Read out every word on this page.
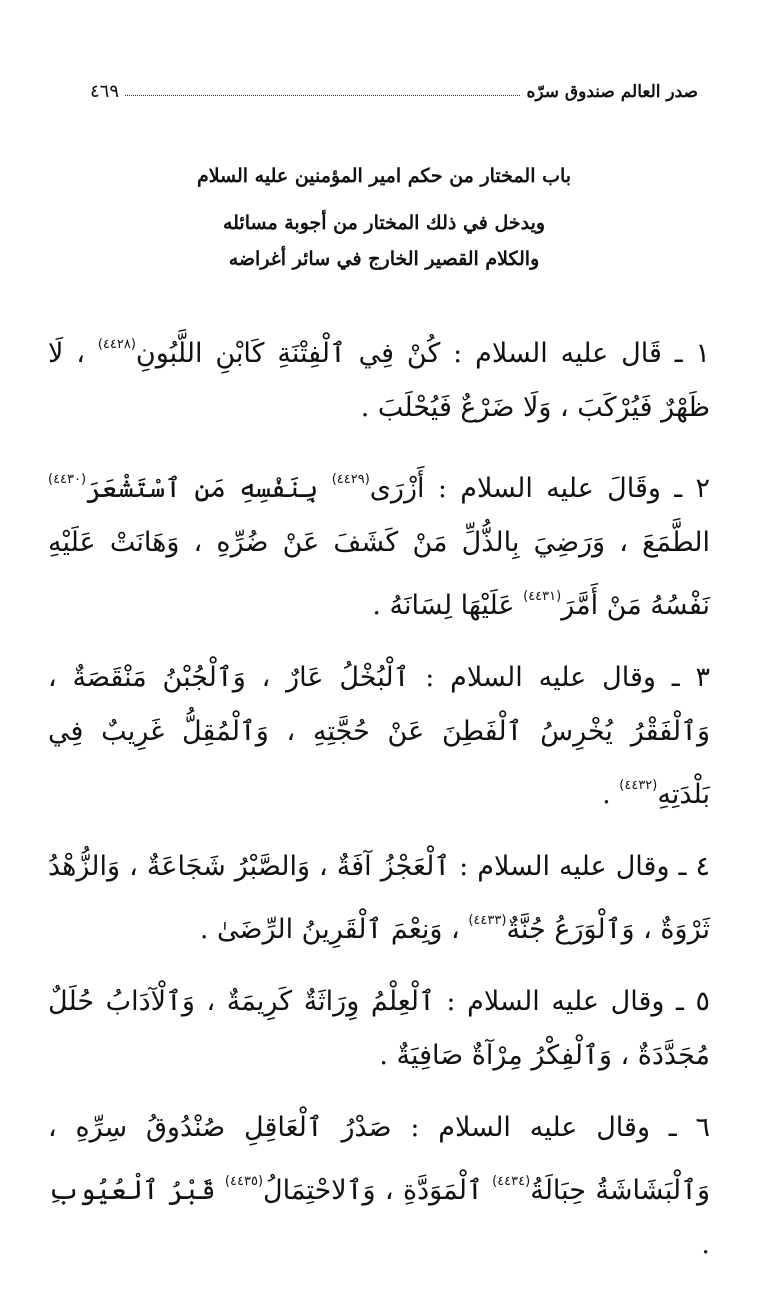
٤٦٩	صدر العالم صندوق سرّه
باب المختار من حكم امير المؤمنين عليه السلام
ويدخل في ذلك المختار من أجوبة مسائله
والكلام القصير الخارج في سائر أغراضه

١ ـ قَال عليه السلام : كُنْ فِي ٱلْفِتْنَةِ كَابْنِ اللَّبُونِ$^{(٤٤٢٨)}$ ، لَا ظَهْرٌ فَيُرْكَبَ ، وَلَا ضَرْعٌ فَيُحْلَبَ .

٢ ـ وقَالَ عليه السلام : أَزْرَى$^{(٤٤٢٩)}$ بِنَفْسِهِ مَنِ ٱسْتَشْعَرَ$^{(٤٤٣٠)}$ الطَّمَعَ ، وَرَضِيَ بِالذُّلِّ مَنْ كَشَفَ عَنْ ضُرِّهِ ، وَهَانَتْ عَلَيْهِ نَفْسُهُ مَنْ أَمَّرَ$^{(٤٤٣١)}$ عَلَيْهَا لِسَانَهُ .

٣ ـ وقال عليه السلام : ٱلْبُخْلُ عَارٌ ، وَٱلْجُبْنُ مَنْقَصَةٌ ، وَٱلْفَقْرُ يُخْرِسُ ٱلْفَطِنَ عَنْ حُجَّتِهِ ، وَٱلْمُقِلُّ غَرِيبٌ فِي بَلْدَتِهِ$^{(٤٤٣٢)}$ .

٤ ـ وقال عليه السلام : ٱلْعَجْزُ آفَةٌ ، وَالصَّبْرُ شَجَاعَةٌ ، وَالزُّهْدُ ثَرْوَةٌ ، وَٱلْوَرَعُ جُنَّةٌ$^{(٤٤٣٣)}$ ، وَنِعْمَ ٱلْقَرِينُ الرِّضَىٰ .

٥ ـ وقال عليه السلام : ٱلْعِلْمُ وِرَاثَةٌ كَرِيمَةٌ ، وَٱلْآدَابُ حُلَلٌ مُجَدَّدَةٌ ، وَٱلْفِكْرُ مِرْآةٌ صَافِيَةٌ .

٦ ـ وقال عليه السلام : صَدْرُ ٱلْعَاقِلِ صُنْدُوقُ سِرِّهِ ، وَٱلْبَشَاشَةُ حِبَالَةُ$^{(٤٤٣٤)}$ ٱلْمَوَدَّةِ ، وَٱلاحْتِمَالُ$^{(٤٤٣٥)}$ قَبْرُ ٱلْعُيُوبِ .
